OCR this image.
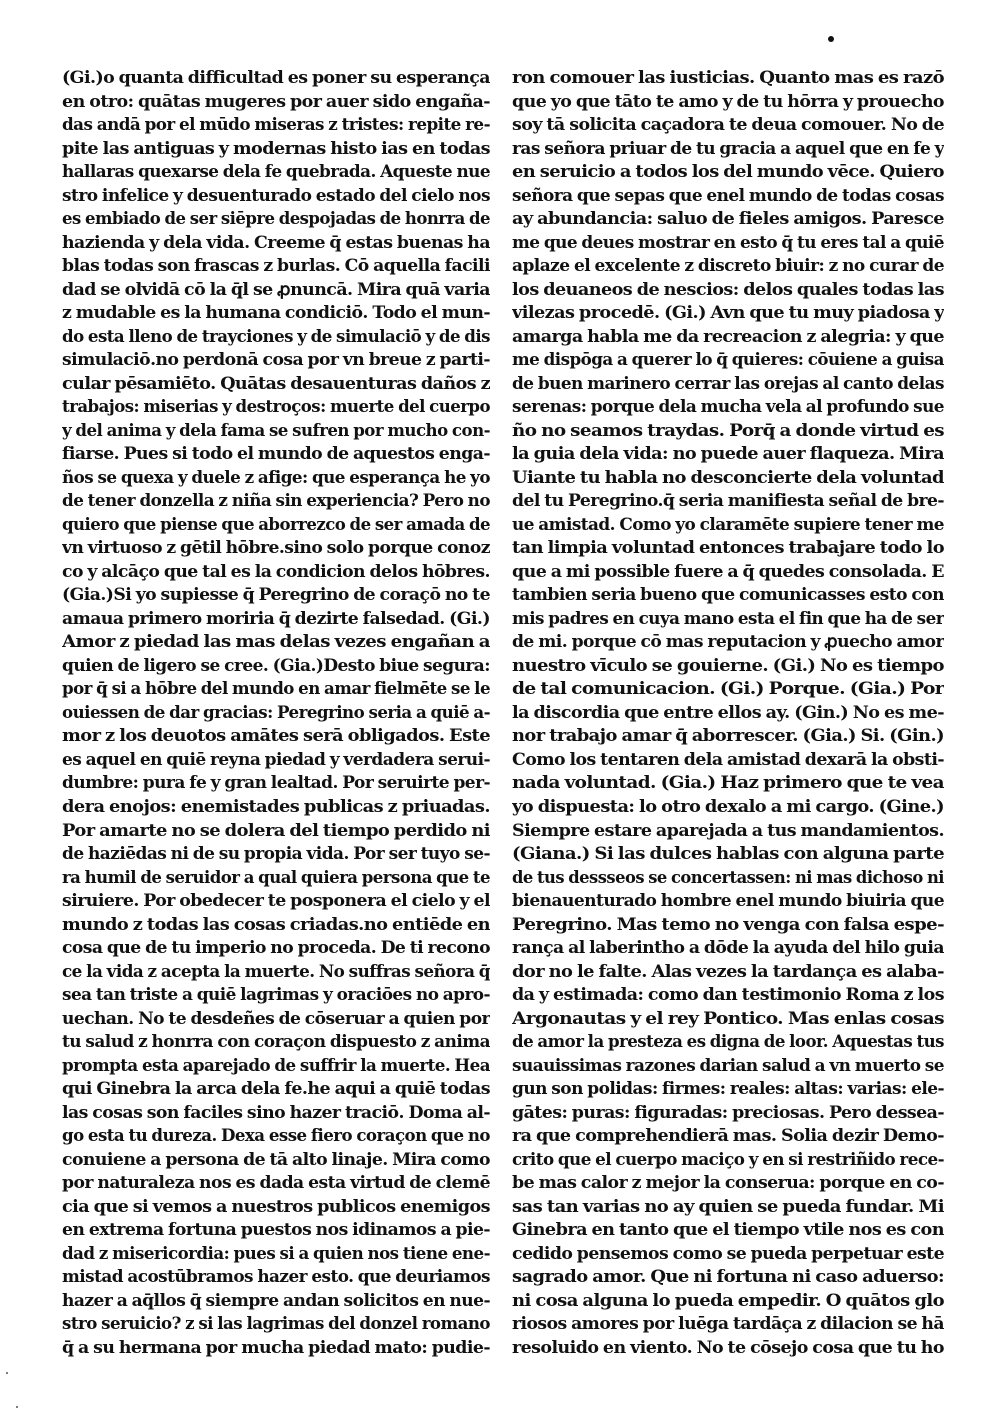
(Gi.)o quanta difficultad es poner su esperança
en otro: quātas mugeres por auer sido engaña-
das andā por el mūdo miseras z tristes: repite re-
pite las antiguas y modernas histo ias en todas
hallaras quexarse dela fe quebrada. Aqueste nue
stro infelice y desuenturado estado del cielo nos
es embiado de ser siēpre despojadas de honrra de
hazienda y dela vida. Creeme q̄ estas buenas ha
blas todas son frascas z burlas. Cō aquella facili
dad se olvidā cō la q̄l se ꝓnuncā. Mira quā varia
z mudable es la humana condiciō. Todo el mun-
do esta lleno de trayciones y de simulaciō y de dis
simulaciō.no perdonā cosa por vn breue z parti-
cular pēsamiēto. Quātas desauenturas daños z
trabajos: miserias y destroços: muerte del cuerpo
y del anima y dela fama se sufren por mucho con-
fiarse. Pues si todo el mundo de aquestos enga-
ños se quexa y duele z afige: que esperança he yo
de tener donzella z niña sin experiencia? Pero no
quiero que piense que aborrezco de ser amada de
vn virtuoso z gētil hōbre.sino solo porque conoz
co y alcāço que tal es la condicion delos hōbres.
(Gia.)Si yo supiesse q̄ Peregrino de coraçō no te
amaua primero moriria q̄ dezirte falsedad. (Gi.)
Amor z piedad las mas delas vezes engañan a
quien de ligero se cree. (Gia.)Desto biue segura:
por q̄ si a hōbre del mundo en amar fielmēte se le
ouiessen de dar gracias: Peregrino seria a quiē a-
mor z los deuotos amātes serā obligados. Este
es aquel en quiē reyna piedad y verdadera serui-
dumbre: pura fe y gran lealtad. Por seruirte per-
dera enojos: enemistades publicas z priuadas.
Por amarte no se dolera del tiempo perdido ni
de haziēdas ni de su propia vida. Por ser tuyo se-
ra humil de seruidor a qual quiera persona que te
siruiere. Por obedecer te posponera el cielo y el
mundo z todas las cosas criadas.no entiēde en
cosa que de tu imperio no proceda. De ti recono
ce la vida z acepta la muerte. No suffras señora q̄
sea tan triste a quiē lagrimas y oraciōes no apro-
uechan. No te desdeñes de cōseruar a quien por
tu salud z honrra con coraçon dispuesto z anima
prompta esta aparejado de suffrir la muerte. Hea
qui Ginebra la arca dela fe.he aqui a quiē todas
las cosas son faciles sino hazer traciō. Doma al-
go esta tu dureza. Dexa esse fiero coraçon que no
conuiene a persona de tā alto linaje. Mira como
por naturaleza nos es dada esta virtud de clemē
cia que si vemos a nuestros publicos enemigos
en extrema fortuna puestos nos idinamos a pie-
dad z misericordia: pues si a quien nos tiene ene-
mistad acostūbramos hazer esto. que deuriamos
hazer a aq̄llos q̄ siempre andan solicitos en nue-
stro seruicio? z si las lagrimas del donzel romano
q̄ a su hermana por mucha piedad mato: pudie-
ron comouer las iusticias. Quanto mas es razō
que yo que tāto te amo y de tu hōrra y prouecho
soy tā solicita caçadora te deua comouer. No de
ras señora priuar de tu gracia a aquel que en fe y
en seruicio a todos los del mundo vēce. Quiero
señora que sepas que enel mundo de todas cosas
ay abundancia: saluo de fieles amigos. Paresce
me que deues mostrar en esto q̄ tu eres tal a quiē
aplaze el excelente z discreto biuir: z no curar de
los deuaneos de nescios: delos quales todas las
vilezas procedē. (Gi.) Avn que tu muy piadosa y
amarga habla me da recreacion z alegria: y que
me dispōga a querer lo q̄ quieres: cōuiene a guisa
de buen marinero cerrar las orejas al canto delas
serenas: porque dela mucha vela al profundo sue
ño no seamos traydas. Porq̄ a donde virtud es
la guia dela vida: no puede auer flaqueza. Mira
Uiante tu habla no desconcierte dela voluntad
del tu Peregrino.q̄ seria manifiesta señal de bre-
ue amistad. Como yo claramēte supiere tener me
tan limpia voluntad entonces trabajare todo lo
que a mi possible fuere a q̄ quedes consolada. E
tambien seria bueno que comunicasses esto con
mis padres en cuya mano esta el fin que ha de ser
de mi. porque cō mas reputacion y ꝓuecho amor
nuestro vīculo se gouierne. (Gi.) No es tiempo
de tal comunicacion. (Gi.) Porque. (Gia.) Por
la discordia que entre ellos ay. (Gin.) No es me-
nor trabajo amar q̄ aborrescer. (Gia.) Si. (Gin.)
Como los tentaren dela amistad dexarā la obsti-
nada voluntad. (Gia.) Haz primero que te vea
yo dispuesta: lo otro dexalo a mi cargo. (Gine.)
Siempre estare aparejada a tus mandamientos.
(Giana.) Si las dulces hablas con alguna parte
de tus dessseos se concertassen: ni mas dichoso ni
bienauenturado hombre enel mundo biuiria que
Peregrino. Mas temo no venga con falsa espe-
rança al laberintho a dōde la ayuda del hilo guia
dor no le falte. Alas vezes la tardança es alaba-
da y estimada: como dan testimonio Roma z los
Argonautas y el rey Pontico. Mas enlas cosas
de amor la presteza es digna de loor. Aquestas tus
suauissimas razones darian salud a vn muerto se
gun son polidas: firmes: reales: altas: varias: ele-
gātes: puras: figuradas: preciosas. Pero dessea-
ra que comprehendierā mas. Solia dezir Demo-
crito que el cuerpo maciço y en si restriñido rece-
be mas calor z mejor la conserua: porque en co-
sas tan varias no ay quien se pueda fundar. Mi
Ginebra en tanto que el tiempo vtile nos es con
cedido pensemos como se pueda perpetuar este
sagrado amor. Que ni fortuna ni caso aduerso:
ni cosa alguna lo pueda empedir. O quātos glo
riosos amores por luēga tardāça z dilacion se hā
resoluido en viento. No te cōsejo cosa que tu ho
